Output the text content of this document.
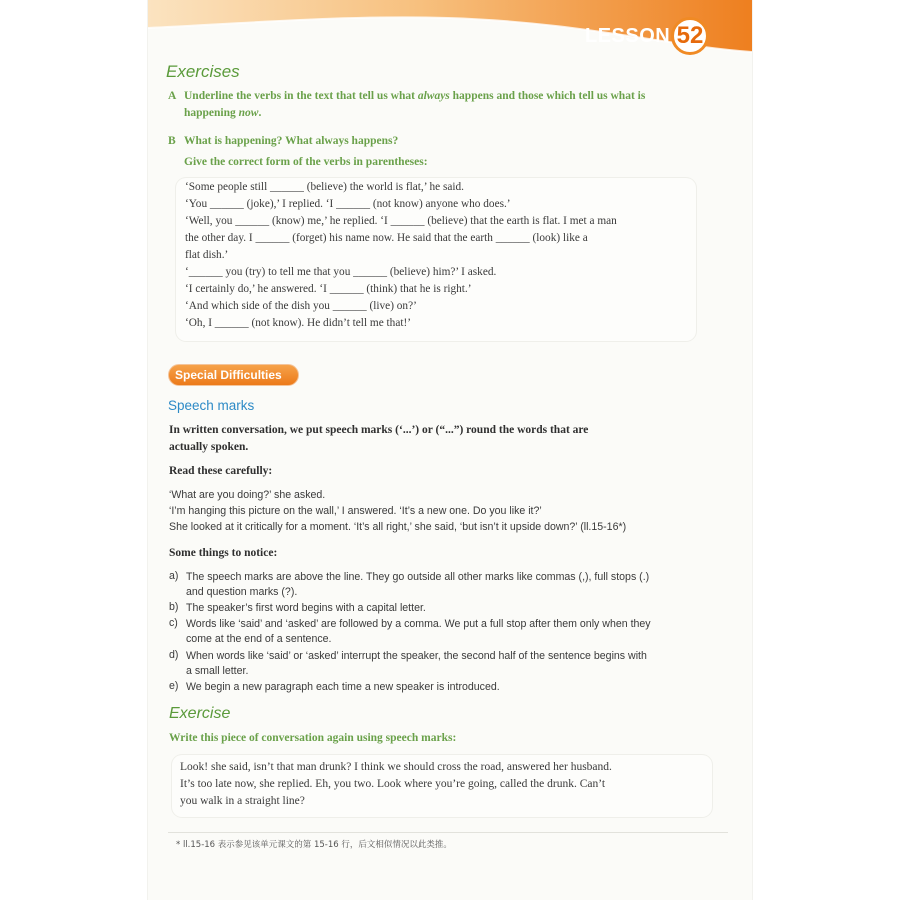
LESSON 52
Exercises
A Underline the verbs in the text that tell us what always happens and those which tell us what is
happening now.
B What is happening? What always happens?
Give the correct form of the verbs in parentheses:
‘Some people still ______ (believe) the world is flat,’ he said.
‘You ______ (joke),’ I replied. ‘I ______ (not know) anyone who does.’
‘Well, you ______ (know) me,’ he replied. ‘I ______ (believe) that the earth is flat. I met a man
the other day. I ______ (forget) his name now. He said that the earth ______ (look) like a
flat dish.’
‘______ you (try) to tell me that you ______ (believe) him?’ I asked.
‘I certainly do,’ he answered. ‘I ______ (think) that he is right.’
‘And which side of the dish you ______ (live) on?’
‘Oh, I ______ (not know). He didn’t tell me that!’
Special Difficulties
Speech marks
In written conversation, we put speech marks (‘...’) or (“...”) round the words that are
actually spoken.
Read these carefully:
‘What are you doing?’ she asked.
‘I’m hanging this picture on the wall,’ I answered. ‘It’s a new one. Do you like it?’
She looked at it critically for a moment. ‘It’s all right,’ she said, ‘but isn’t it upside down?’ (ll.15-16*)
Some things to notice:
a) The speech marks are above the line. They go outside all other marks like commas (,), full stops (.)
and question marks (?).
b) The speaker’s first word begins with a capital letter.
c) Words like ‘said’ and ‘asked’ are followed by a comma. We put a full stop after them only when they
come at the end of a sentence.
d) When words like ‘said’ or ‘asked’ interrupt the speaker, the second half of the sentence begins with
a small letter.
e) We begin a new paragraph each time a new speaker is introduced.
Exercise
Write this piece of conversation again using speech marks:
Look! she said, isn’t that man drunk? I think we should cross the road, answered her husband.
It’s too late now, she replied. Eh, you two. Look where you’re going, called the drunk. Can’t
you walk in a straight line?
* ll.15-16 表示参见该单元课文的第 15-16 行，后文相似情况以此类推。
